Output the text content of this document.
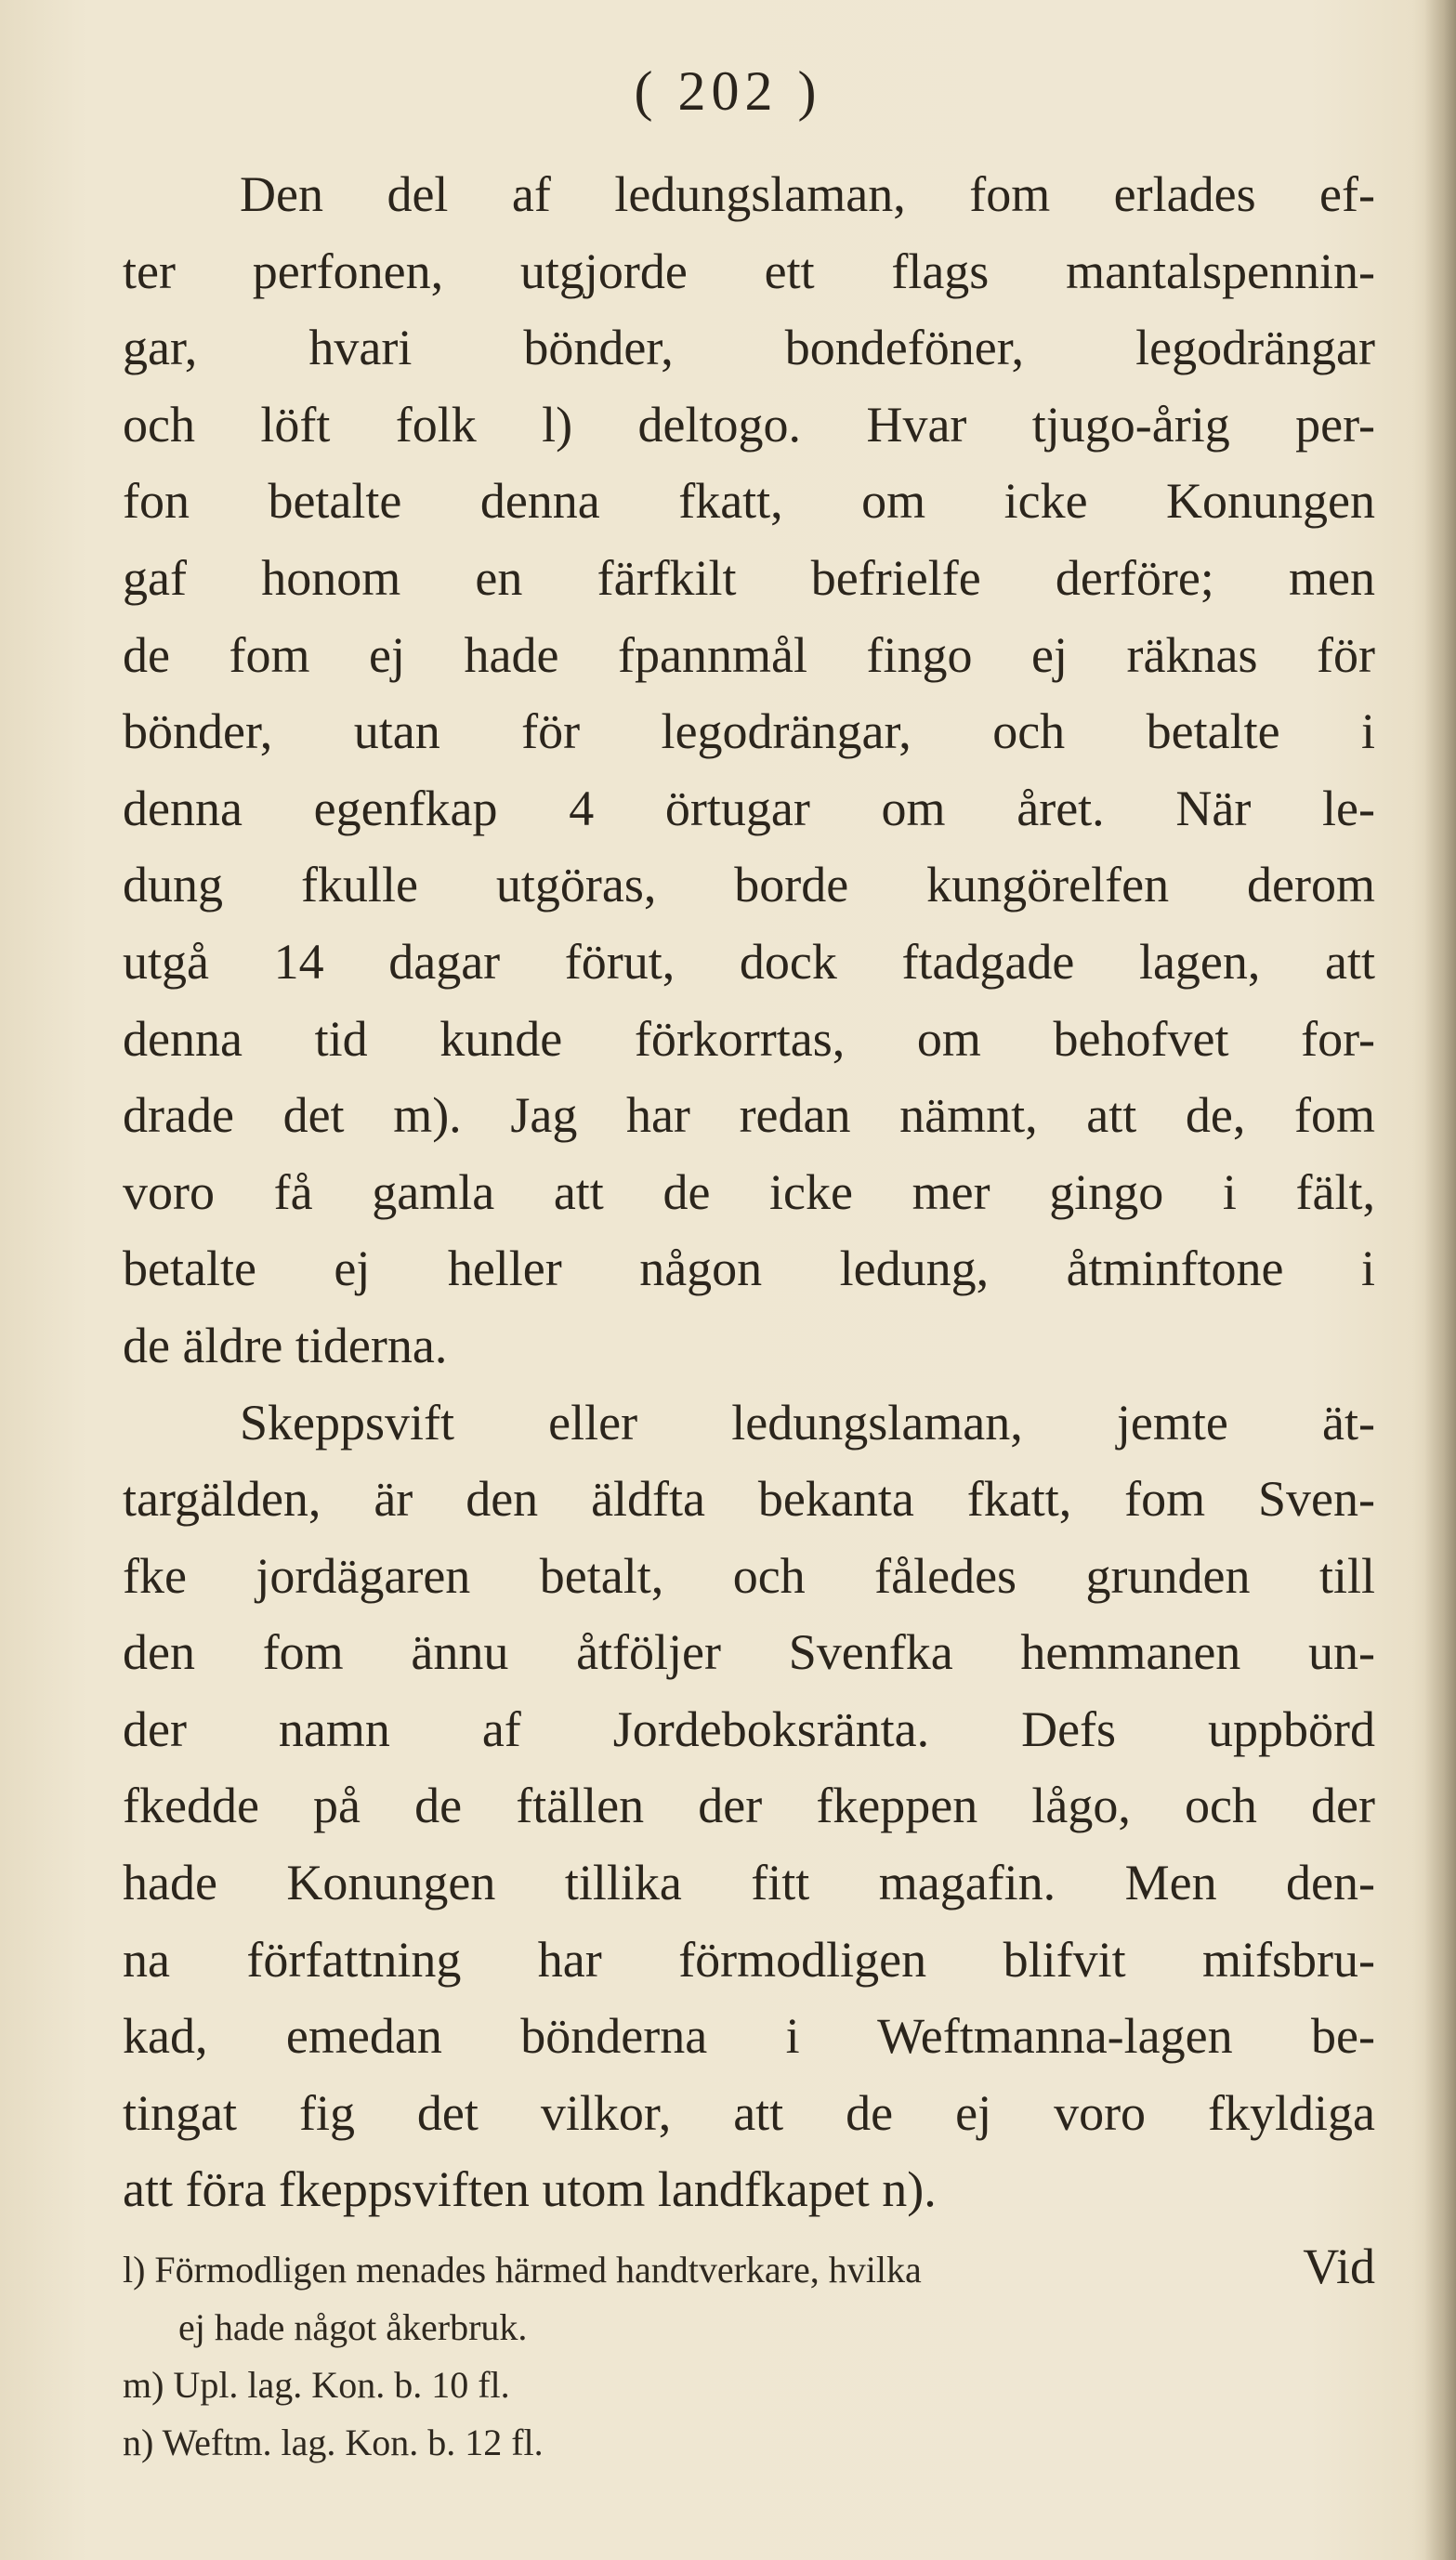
( 202 )
Den del af ledungslaman, fom erlades ef-
ter perfonen, utgjorde ett flags mantalspennin-
gar, hvari bönder, bondeföner, legodrängar
och löft folk l) deltogo. Hvar tjugo-årig per-
fon betalte denna fkatt, om icke Konungen
gaf honom en färfkilt befrielfe derföre; men
de fom ej hade fpannmål fingo ej räknas för
bönder, utan för legodrängar, och betalte i
denna egenfkap 4 örtugar om året. När le-
dung fkulle utgöras, borde kungörelfen derom
utgå 14 dagar förut, dock ftadgade lagen, att
denna tid kunde förkorrtas, om behofvet for-
drade det m). Jag har redan nämnt, att de, fom
voro få gamla att de icke mer gingo i fält,
betalte ej heller någon ledung, åtminftone i
de äldre tiderna.
Skeppsvift eller ledungslaman, jemte ät-
targälden, är den äldfta bekanta fkatt, fom Sven-
fke jordägaren betalt, och fåledes grunden till
den fom ännu åtföljer Svenfka hemmanen un-
der namn af Jordeboksränta. Defs uppbörd
fkedde på de ftällen der fkeppen lågo, och der
hade Konungen tillika fitt magafin. Men den-
na författning har förmodligen blifvit mifsbru-
kad, emedan bönderna i Weftmanna-lagen be-
tingat fig det vilkor, att de ej voro fkyldiga
att föra fkeppsviften utom landfkapet n).
Vid
l) Förmodligen menades härmed handtverkare, hvilka
ej hade något åkerbruk.
m) Upl. lag. Kon. b. 10 fl.
n) Weftm. lag. Kon. b. 12 fl.
